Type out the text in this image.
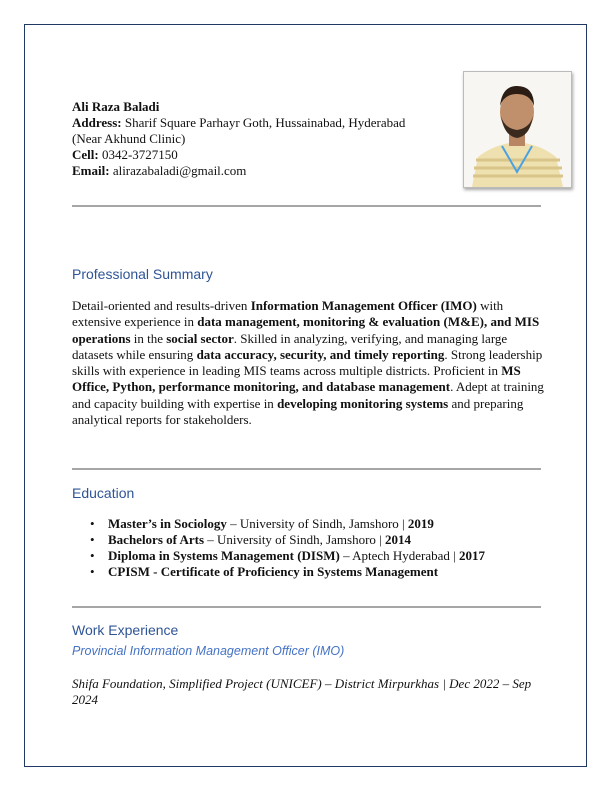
Ali Raza Baladi
Address: Sharif Square Parhayr Goth, Hussainabad, Hyderabad
(Near Akhund Clinic)
Cell: 0342-3727150
Email: alirazabaladi@gmail.com
Professional Summary
Detail-oriented and results-driven Information Management Officer (IMO) with extensive experience in data management, monitoring & evaluation (M&E), and MIS operations in the social sector. Skilled in analyzing, verifying, and managing large datasets while ensuring data accuracy, security, and timely reporting. Strong leadership skills with experience in leading MIS teams across multiple districts. Proficient in MS Office, Python, performance monitoring, and database management. Adept at training and capacity building with expertise in developing monitoring systems and preparing analytical reports for stakeholders.
Education
• Master’s in Sociology – University of Sindh, Jamshoro | 2019
• Bachelors of Arts – University of Sindh, Jamshoro | 2014
• Diploma in Systems Management (DISM) – Aptech Hyderabad | 2017
• CPISM - Certificate of Proficiency in Systems Management
Work Experience
Provincial Information Management Officer (IMO)
Shifa Foundation, Simplified Project (UNICEF) – District Mirpurkhas | Dec 2022 – Sep 2024
